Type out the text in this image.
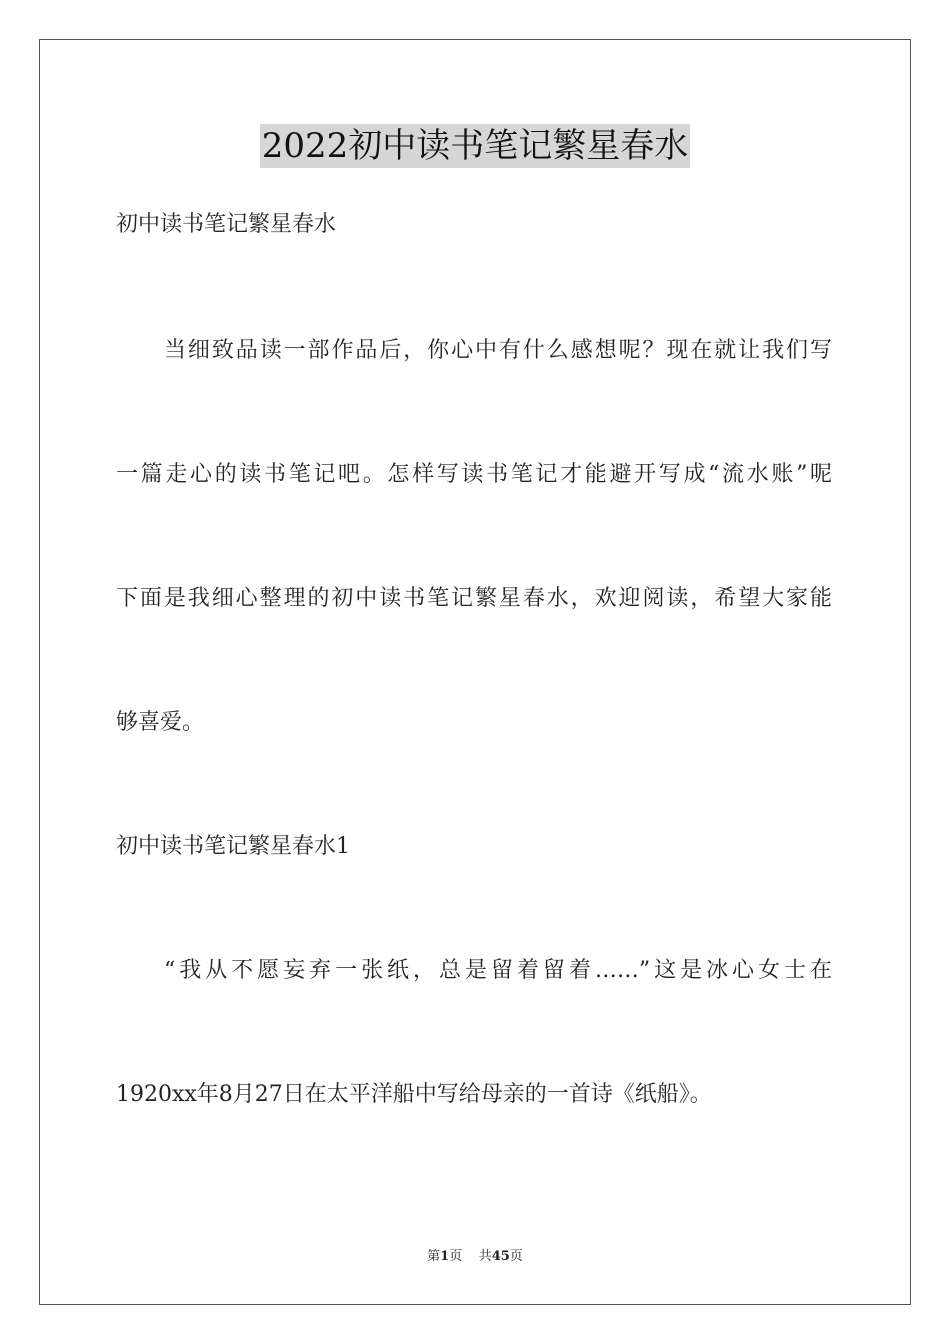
2022初中读书笔记繁星春水
初中读书笔记繁星春水
当细致品读一部作品后，你心中有什么感想呢？现在就让我们写
一篇走心的读书笔记吧。怎样写读书笔记才能避开写成“流水账”呢
下面是我细心整理的初中读书笔记繁星春水，欢迎阅读，希望大家能
够喜爱。
初中读书笔记繁星春水1
“我从不愿妄弃一张纸，总是留着留着……”这是冰心女士在
1920xx年8月27日在太平洋船中写给母亲的一首诗《纸船》。
第1页 共45页
